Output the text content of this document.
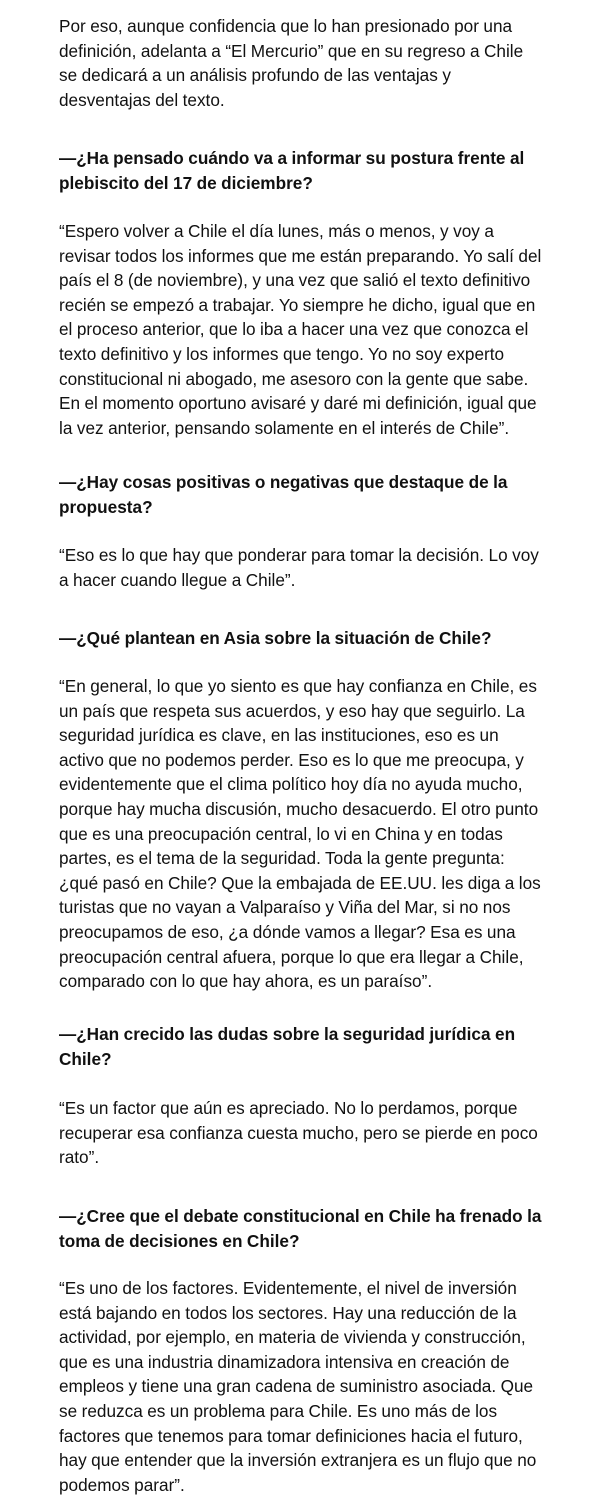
Por eso, aunque confidencia que lo han presionado por una
definición, adelanta a “El Mercurio” que en su regreso a Chile
se dedicará a un análisis profundo de las ventajas y
desventajas del texto.

—¿Ha pensado cuándo va a informar su postura frente al
plebiscito del 17 de diciembre?

“Espero volver a Chile el día lunes, más o menos, y voy a
revisar todos los informes que me están preparando. Yo salí del
país el 8 (de noviembre), y una vez que salió el texto definitivo
recién se empezó a trabajar. Yo siempre he dicho, igual que en
el proceso anterior, que lo iba a hacer una vez que conozca el
texto definitivo y los informes que tengo. Yo no soy experto
constitucional ni abogado, me asesoro con la gente que sabe.
En el momento oportuno avisaré y daré mi definición, igual que
la vez anterior, pensando solamente en el interés de Chile”.

—¿Hay cosas positivas o negativas que destaque de la
propuesta?

“Eso es lo que hay que ponderar para tomar la decisión. Lo voy
a hacer cuando llegue a Chile”.

—¿Qué plantean en Asia sobre la situación de Chile?

“En general, lo que yo siento es que hay confianza en Chile, es
un país que respeta sus acuerdos, y eso hay que seguirlo. La
seguridad jurídica es clave, en las instituciones, eso es un
activo que no podemos perder. Eso es lo que me preocupa, y
evidentemente que el clima político hoy día no ayuda mucho,
porque hay mucha discusión, mucho desacuerdo. El otro punto
que es una preocupación central, lo vi en China y en todas
partes, es el tema de la seguridad. Toda la gente pregunta:
¿qué pasó en Chile? Que la embajada de EE.UU. les diga a los
turistas que no vayan a Valparaíso y Viña del Mar, si no nos
preocupamos de eso, ¿a dónde vamos a llegar? Esa es una
preocupación central afuera, porque lo que era llegar a Chile,
comparado con lo que hay ahora, es un paraíso”.

—¿Han crecido las dudas sobre la seguridad jurídica en
Chile?

“Es un factor que aún es apreciado. No lo perdamos, porque
recuperar esa confianza cuesta mucho, pero se pierde en poco
rato”.

—¿Cree que el debate constitucional en Chile ha frenado la
toma de decisiones en Chile?

“Es uno de los factores. Evidentemente, el nivel de inversión
está bajando en todos los sectores. Hay una reducción de la
actividad, por ejemplo, en materia de vivienda y construcción,
que es una industria dinamizadora intensiva en creación de
empleos y tiene una gran cadena de suministro asociada. Que
se reduzca es un problema para Chile. Es uno más de los
factores que tenemos para tomar definiciones hacia el futuro,
hay que entender que la inversión extranjera es un flujo que no
podemos parar”.
